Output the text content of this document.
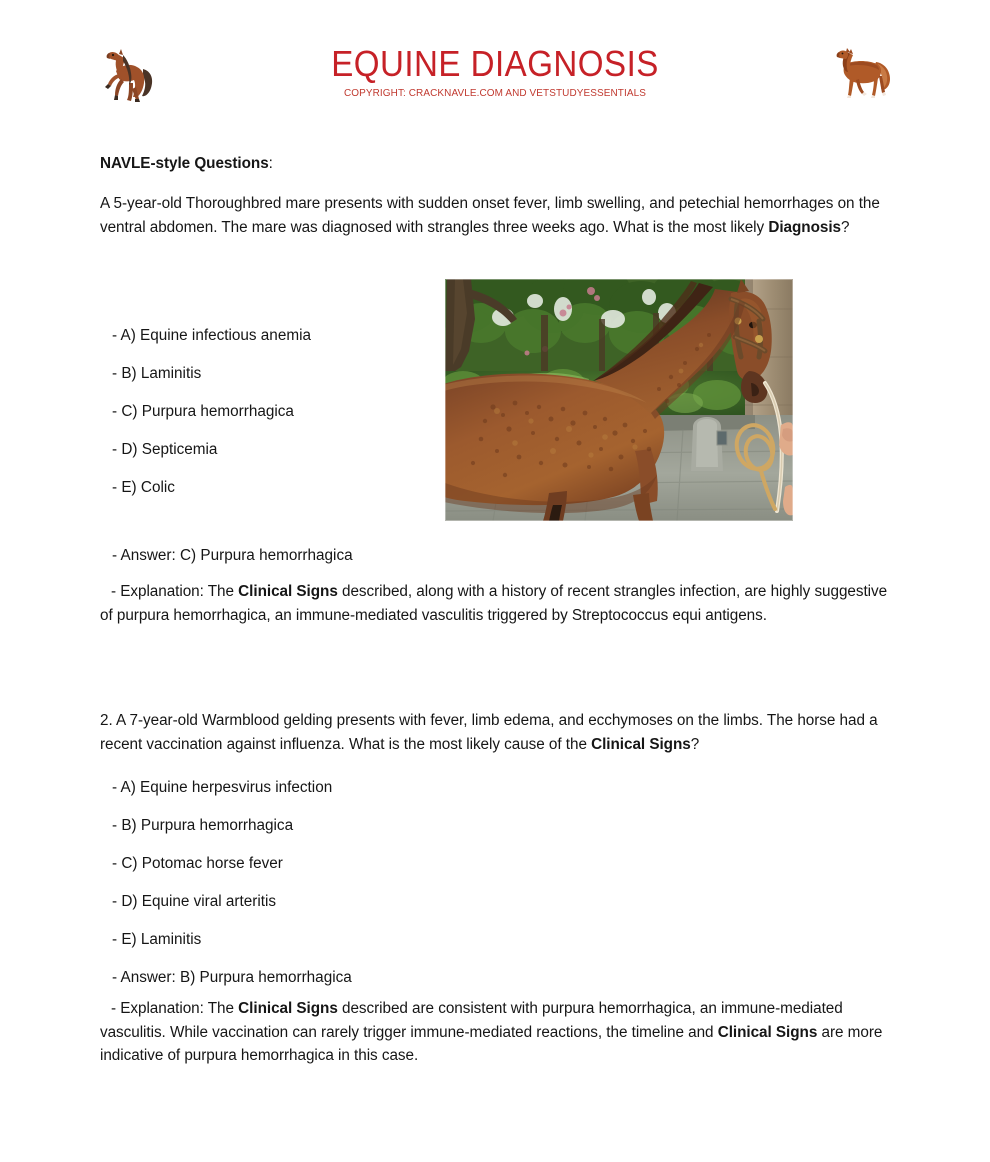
EQUINE DIAGNOSIS
COPYRIGHT: CRACKNAVLE.COM AND VETSTUDYESSENTIALS

NAVLE-style Questions:

A 5-year-old Thoroughbred mare presents with sudden onset fever, limb swelling, and petechial hemorrhages on the ventral abdomen. The mare was diagnosed with strangles three weeks ago. What is the most likely Diagnosis?

- A) Equine infectious anemia
- B) Laminitis
- C) Purpura hemorrhagica
- D) Septicemia
- E) Colic
- Answer: C) Purpura hemorrhagica

- Explanation: The Clinical Signs described, along with a history of recent strangles infection, are highly suggestive of purpura hemorrhagica, an immune-mediated vasculitis triggered by Streptococcus equi antigens.

2. A 7-year-old Warmblood gelding presents with fever, limb edema, and ecchymoses on the limbs. The horse had a recent vaccination against influenza. What is the most likely cause of the Clinical Signs?

- A) Equine herpesvirus infection
- B) Purpura hemorrhagica
- C) Potomac horse fever
- D) Equine viral arteritis
- E) Laminitis
- Answer: B) Purpura hemorrhagica

- Explanation: The Clinical Signs described are consistent with purpura hemorrhagica, an immune-mediated vasculitis. While vaccination can rarely trigger immune-mediated reactions, the timeline and Clinical Signs are more indicative of purpura hemorrhagica in this case.
